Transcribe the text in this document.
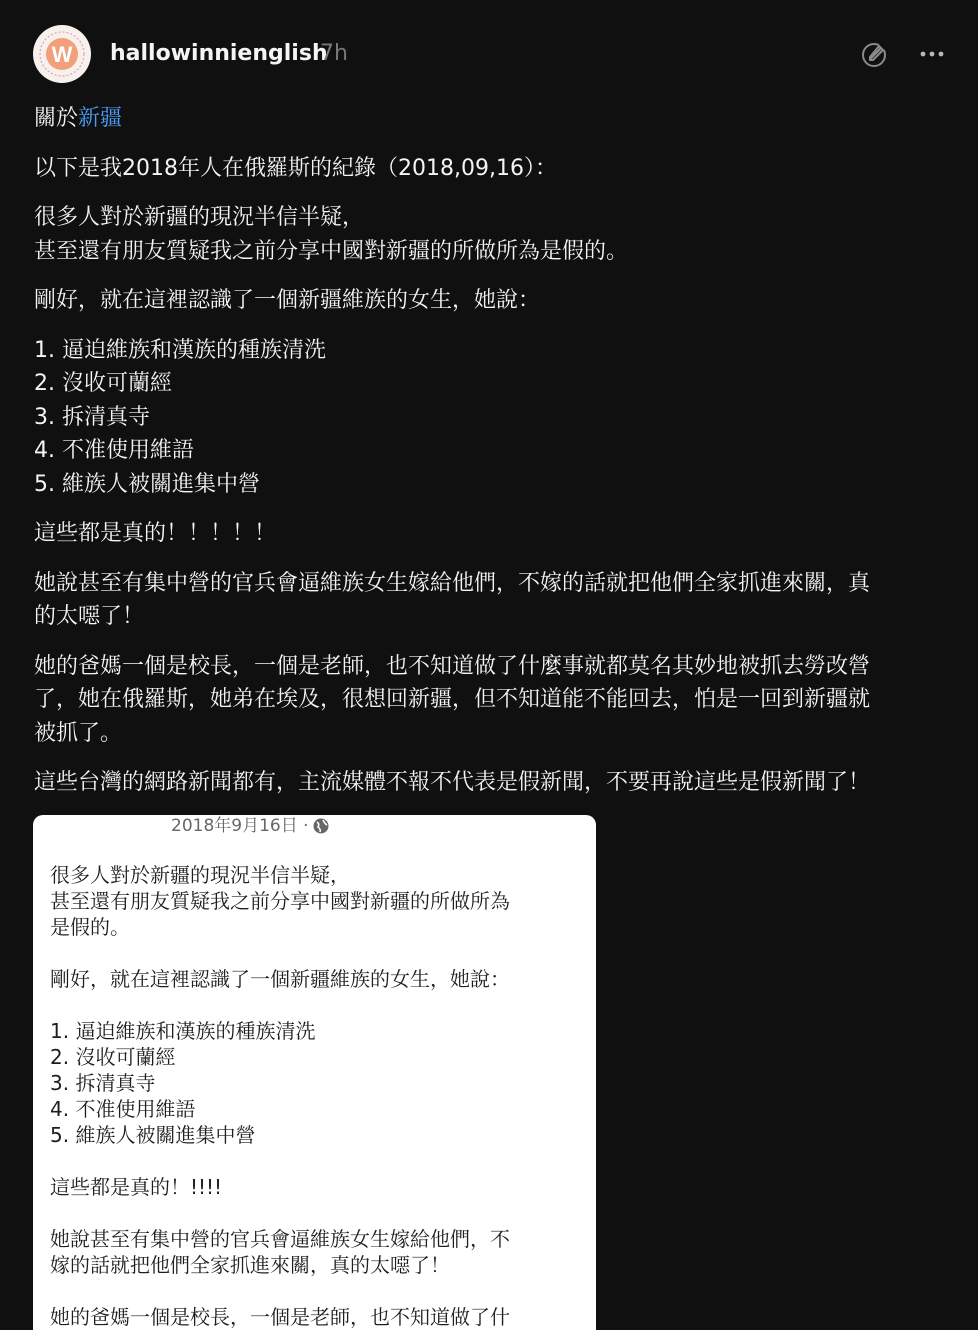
W hallowinnienglish
7h
關於新疆
以下是我2018年人在俄羅斯的紀錄（2018,09,16）：
很多人對於新疆的現況半信半疑，
甚至還有朋友質疑我之前分享中國對新疆的所做所為是假的。
剛好，就在這裡認識了一個新疆維族的女生，她說：
1. 逼迫維族和漢族的種族清洗
2. 沒收可蘭經
3. 拆清真寺
4. 不准使用維語
5. 維族人被關進集中營
這些都是真的！！！！！
她說甚至有集中營的官兵會逼維族女生嫁給他們，不嫁的話就把他們全家抓進來關，真
的太噁了！
她的爸媽一個是校長，一個是老師，也不知道做了什麼事就都莫名其妙地被抓去勞改營
了，她在俄羅斯，她弟在埃及，很想回新疆，但不知道能不能回去，怕是一回到新疆就
被抓了。
這些台灣的網路新聞都有，主流媒體不報不代表是假新聞，不要再說這些是假新聞了！
2018年9月16日 ·
很多人對於新疆的現況半信半疑，
甚至還有朋友質疑我之前分享中國對新疆的所做所為
是假的。
剛好，就在這裡認識了一個新疆維族的女生，她說：
1. 逼迫維族和漢族的種族清洗
2. 沒收可蘭經
3. 拆清真寺
4. 不准使用維語
5. 維族人被關進集中營
這些都是真的！!!!!
她說甚至有集中營的官兵會逼維族女生嫁給他們，不
嫁的話就把他們全家抓進來關，真的太噁了！
她的爸媽一個是校長，一個是老師，也不知道做了什
